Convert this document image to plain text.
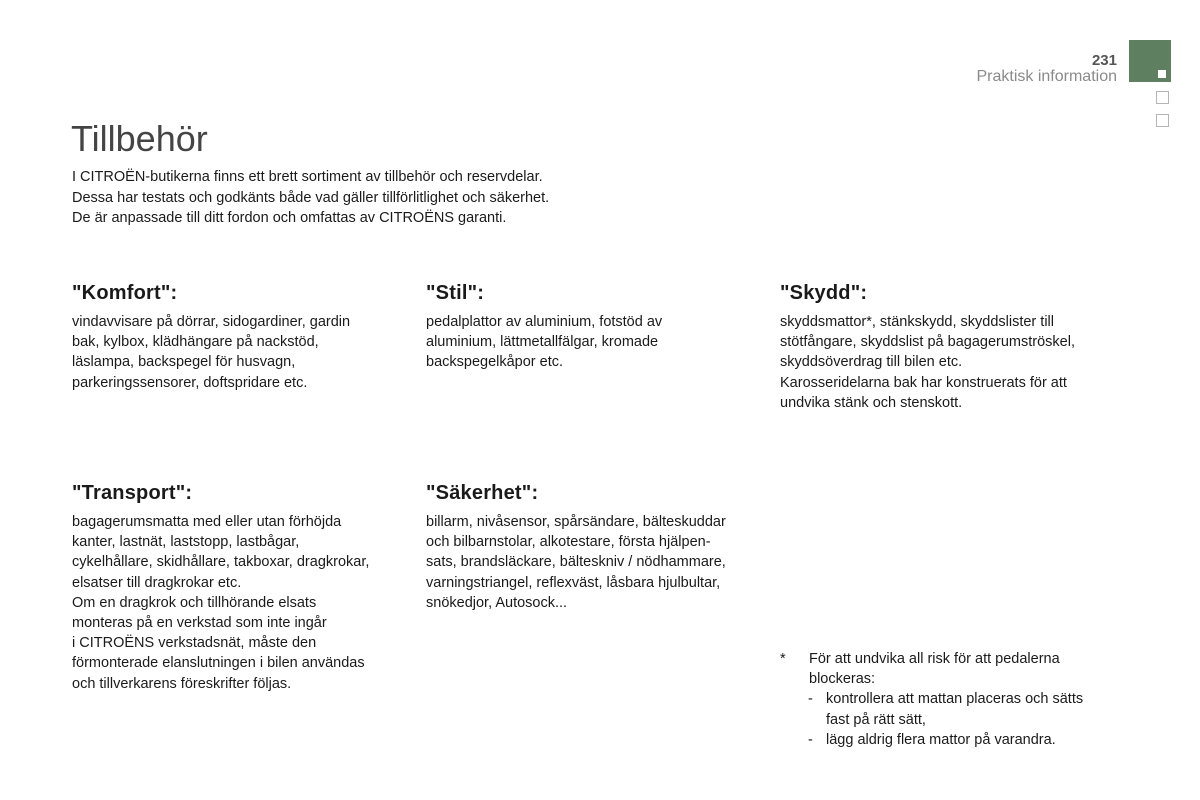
231
Praktisk information
Tillbehör

I CITROËN-butikerna finns ett brett sortiment av tillbehör och reservdelar.

Dessa har testats och godkänts både vad gäller tillförlitlighet och säkerhet.

De är anpassade till ditt fordon och omfattas av CITROËNS garanti.

"Komfort":

vindavvisare på dörrar, sidogardiner, gardin

bak, kylbox, klädhängare på nackstöd,

läslampa, backspegel för husvagn,

parkeringssensorer, doftspridare etc.

"Stil":

pedalplattor av aluminium, fotstöd av

aluminium, lättmetallfälgar, kromade

backspegelkåpor etc.

"Skydd":

skyddsmattor*, stänkskydd, skyddslister till

stötfångare, skyddslist på bagagerumströskel,

skyddsöverdrag till bilen etc.

Karosseridelarna bak har konstruerats för att

undvika stänk och stenskott.

"Transport":

bagagerumsmatta med eller utan förhöjda

kanter, lastnät, laststopp, lastbågar,

cykelhållare, skidhållare, takboxar, dragkrokar,

elsatser till dragkrokar etc.

Om en dragkrok och tillhörande elsats

monteras på en verkstad som inte ingår

i CITROËNS verkstadsnät, måste den

förmonterade elanslutningen i bilen användas

och tillverkarens föreskrifter följas.

"Säkerhet":

billarm, nivåsensor, spårsändare, bälteskuddar

och bilbarnstolar, alkotestare, första hjälpen-

sats, brandsläckare, bälteskniv / nödhammare,

varningstriangel, reflexväst, låsbara hjulbultar,

snökedjor, Autosock...

* För att undvika all risk för att pedalerna
blockeras:
- kontrollera att mattan placeras och sätts
fast på rätt sätt,
- lägg aldrig flera mattor på varandra.
